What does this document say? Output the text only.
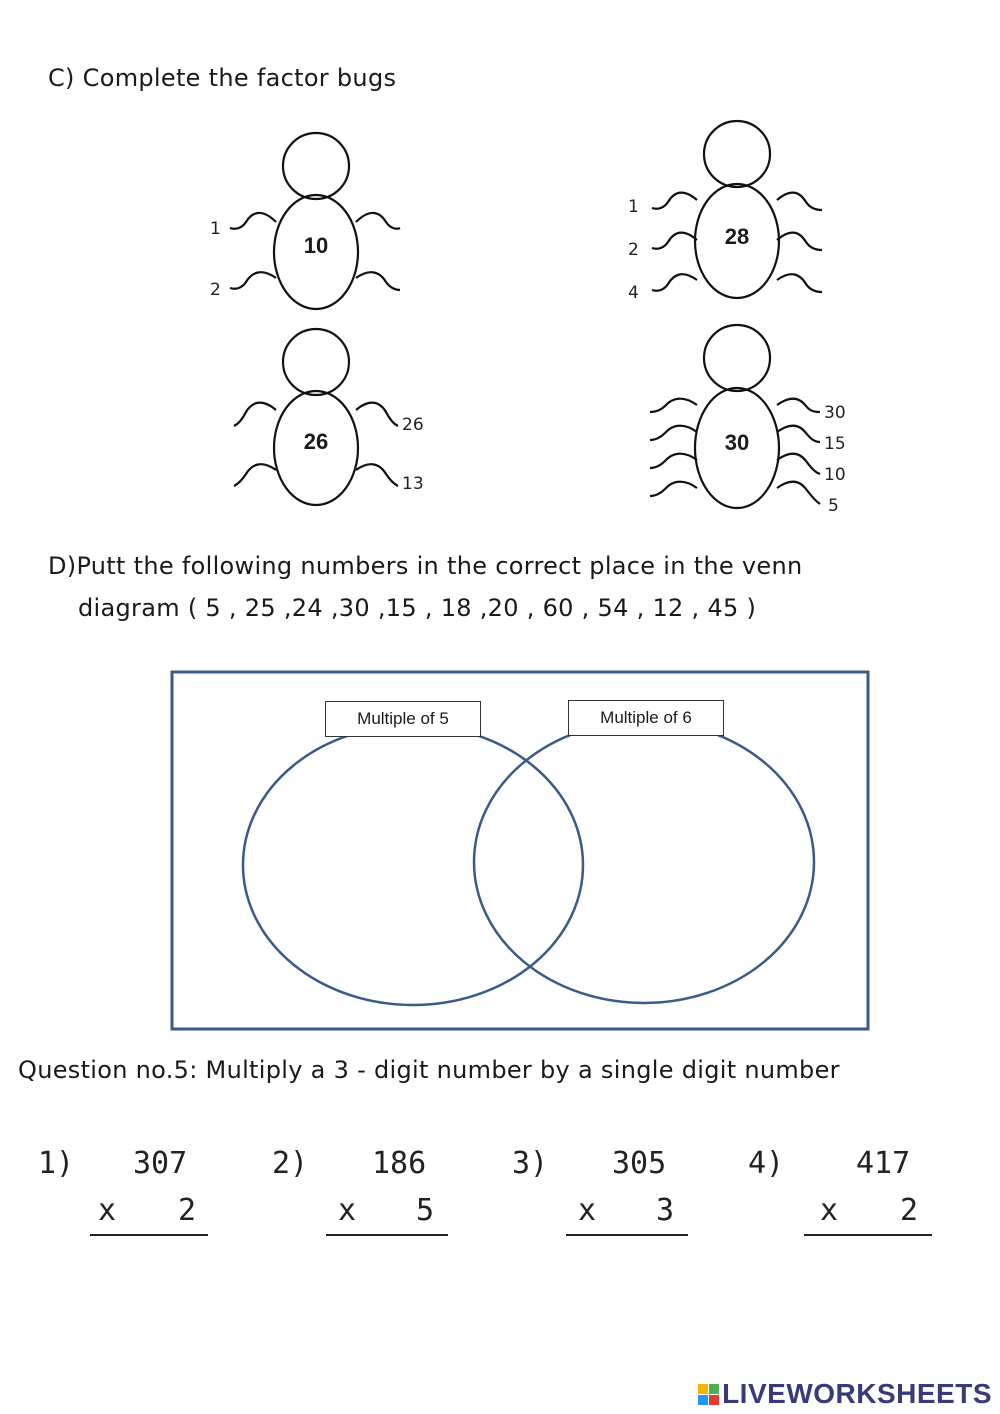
C) Complete the factor bugs
10	28
26	30
1
2
1
2
4
26
13
30
15
10
5
D)Putt the following numbers in the correct place in the venn
diagram ( 5 , 25 ,24 ,30 ,15 , 18 ,20 , 60 , 54 , 12 , 45 )
Multiple of 5	Multiple of 6
Question no.5: Multiply a 3 - digit number by a single digit number
1) 307
x 2
2) 186
x 5
3) 305
x 3
4) 417
x 2
LIVEWORKSHEETS
